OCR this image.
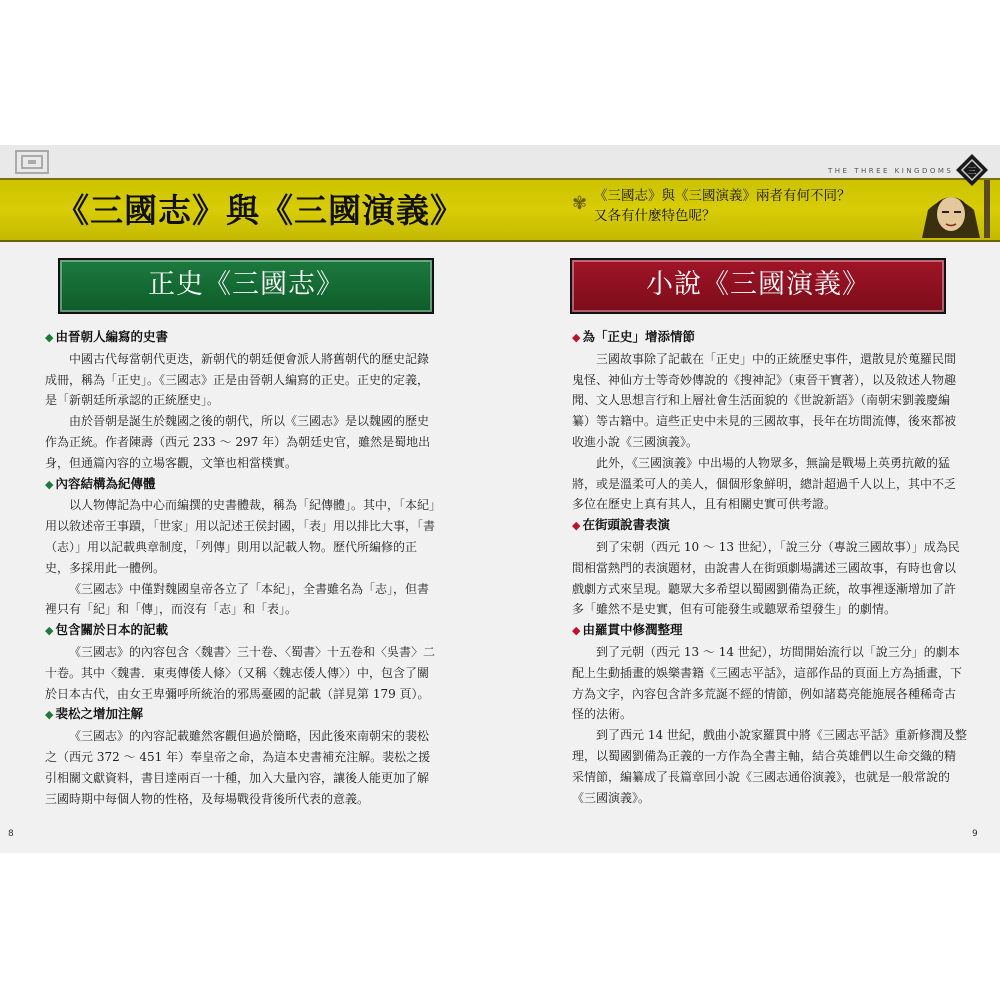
THE THREE KINGDOMS
《三國志》與《三國演義》	✾ 《三國志》與《三國演義》兩者有何不同？
又各有什麼特色呢？
三
正史《三國志》	小說《三國演義》
◆ 由晉朝人編寫的史書

中國古代每當朝代更迭，新朝代的朝廷便會派人將舊朝代的歷史記錄成冊，稱為「正史」。《三國志》正是由晉朝人編寫的正史。正史的定義，是「新朝廷所承認的正統歷史」。

由於晉朝是誕生於魏國之後的朝代，所以《三國志》是以魏國的歷史作為正統。作者陳壽（西元 233 ～ 297 年）為朝廷史官，雖然是蜀地出身，但通篇內容的立場客觀，文筆也相當樸實。

◆ 內容結構為紀傳體

以人物傳記為中心而編撰的史書體裁，稱為「紀傳體」。其中，「本紀」用以敘述帝王事蹟，「世家」用以記述王侯封國，「表」用以排比大事，「書（志）」用以記載典章制度，「列傳」則用以記載人物。歷代所編修的正史，多採用此一體例。

《三國志》中僅對魏國皇帝各立了「本紀」，全書雖名為「志」，但書裡只有「紀」和「傳」，而沒有「志」和「表」。

◆ 包含關於日本的記載

《三國志》的內容包含〈魏書〉三十卷、〈蜀書〉十五卷和〈吳書〉二十卷。其中〈魏書．東夷傳倭人條〉（又稱〈魏志倭人傳〉）中，包含了關於日本古代，由女王卑彌呼所統治的邪馬臺國的記載（詳見第 179 頁）。

◆ 裴松之增加注解

《三國志》的內容記載雖然客觀但過於簡略，因此後來南朝宋的裴松之（西元 372 ～ 451 年）奉皇帝之命，為這本史書補充注解。裴松之援引相關文獻資料，書目達兩百一十種，加入大量內容，讓後人能更加了解三國時期中每個人物的性格，及每場戰役背後所代表的意義。

◆ 為「正史」增添情節

三國故事除了記載在「正史」中的正統歷史事件，還散見於蒐羅民間鬼怪、神仙方士等奇妙傳說的《搜神記》（東晉干寶著），以及敘述人物趣聞、文人思想言行和上層社會生活面貌的《世說新語》（南朝宋劉義慶編纂）等古籍中。這些正史中未見的三國故事，長年在坊間流傳，後來都被收進小說《三國演義》。

此外，《三國演義》中出場的人物眾多，無論是戰場上英勇抗敵的猛將，或是溫柔可人的美人，個個形象鮮明，總計超過千人以上，其中不乏多位在歷史上真有其人，且有相關史實可供考證。

◆ 在街頭說書表演

到了宋朝（西元 10 ～ 13 世紀），「說三分（專說三國故事）」成為民間相當熱門的表演題材，由說書人在街頭劇場講述三國故事，有時也會以戲劇方式來呈現。聽眾大多希望以蜀國劉備為正統，故事裡逐漸增加了許多「雖然不是史實，但有可能發生或聽眾希望發生」的劇情。

◆ 由羅貫中修潤整理

到了元朝（西元 13 ～ 14 世紀），坊間開始流行以「說三分」的劇本配上生動插畫的娛樂書籍《三國志平話》，這部作品的頁面上方為插畫，下方為文字，內容包含許多荒誕不經的情節，例如諸葛亮能施展各種稀奇古怪的法術。

到了西元 14 世紀，戲曲小說家羅貫中將《三國志平話》重新修潤及整理，以蜀國劉備為正義的一方作為全書主軸，結合英雄們以生命交織的精采情節，編纂成了長篇章回小說《三國志通俗演義》，也就是一般常說的《三國演義》。

8	9
